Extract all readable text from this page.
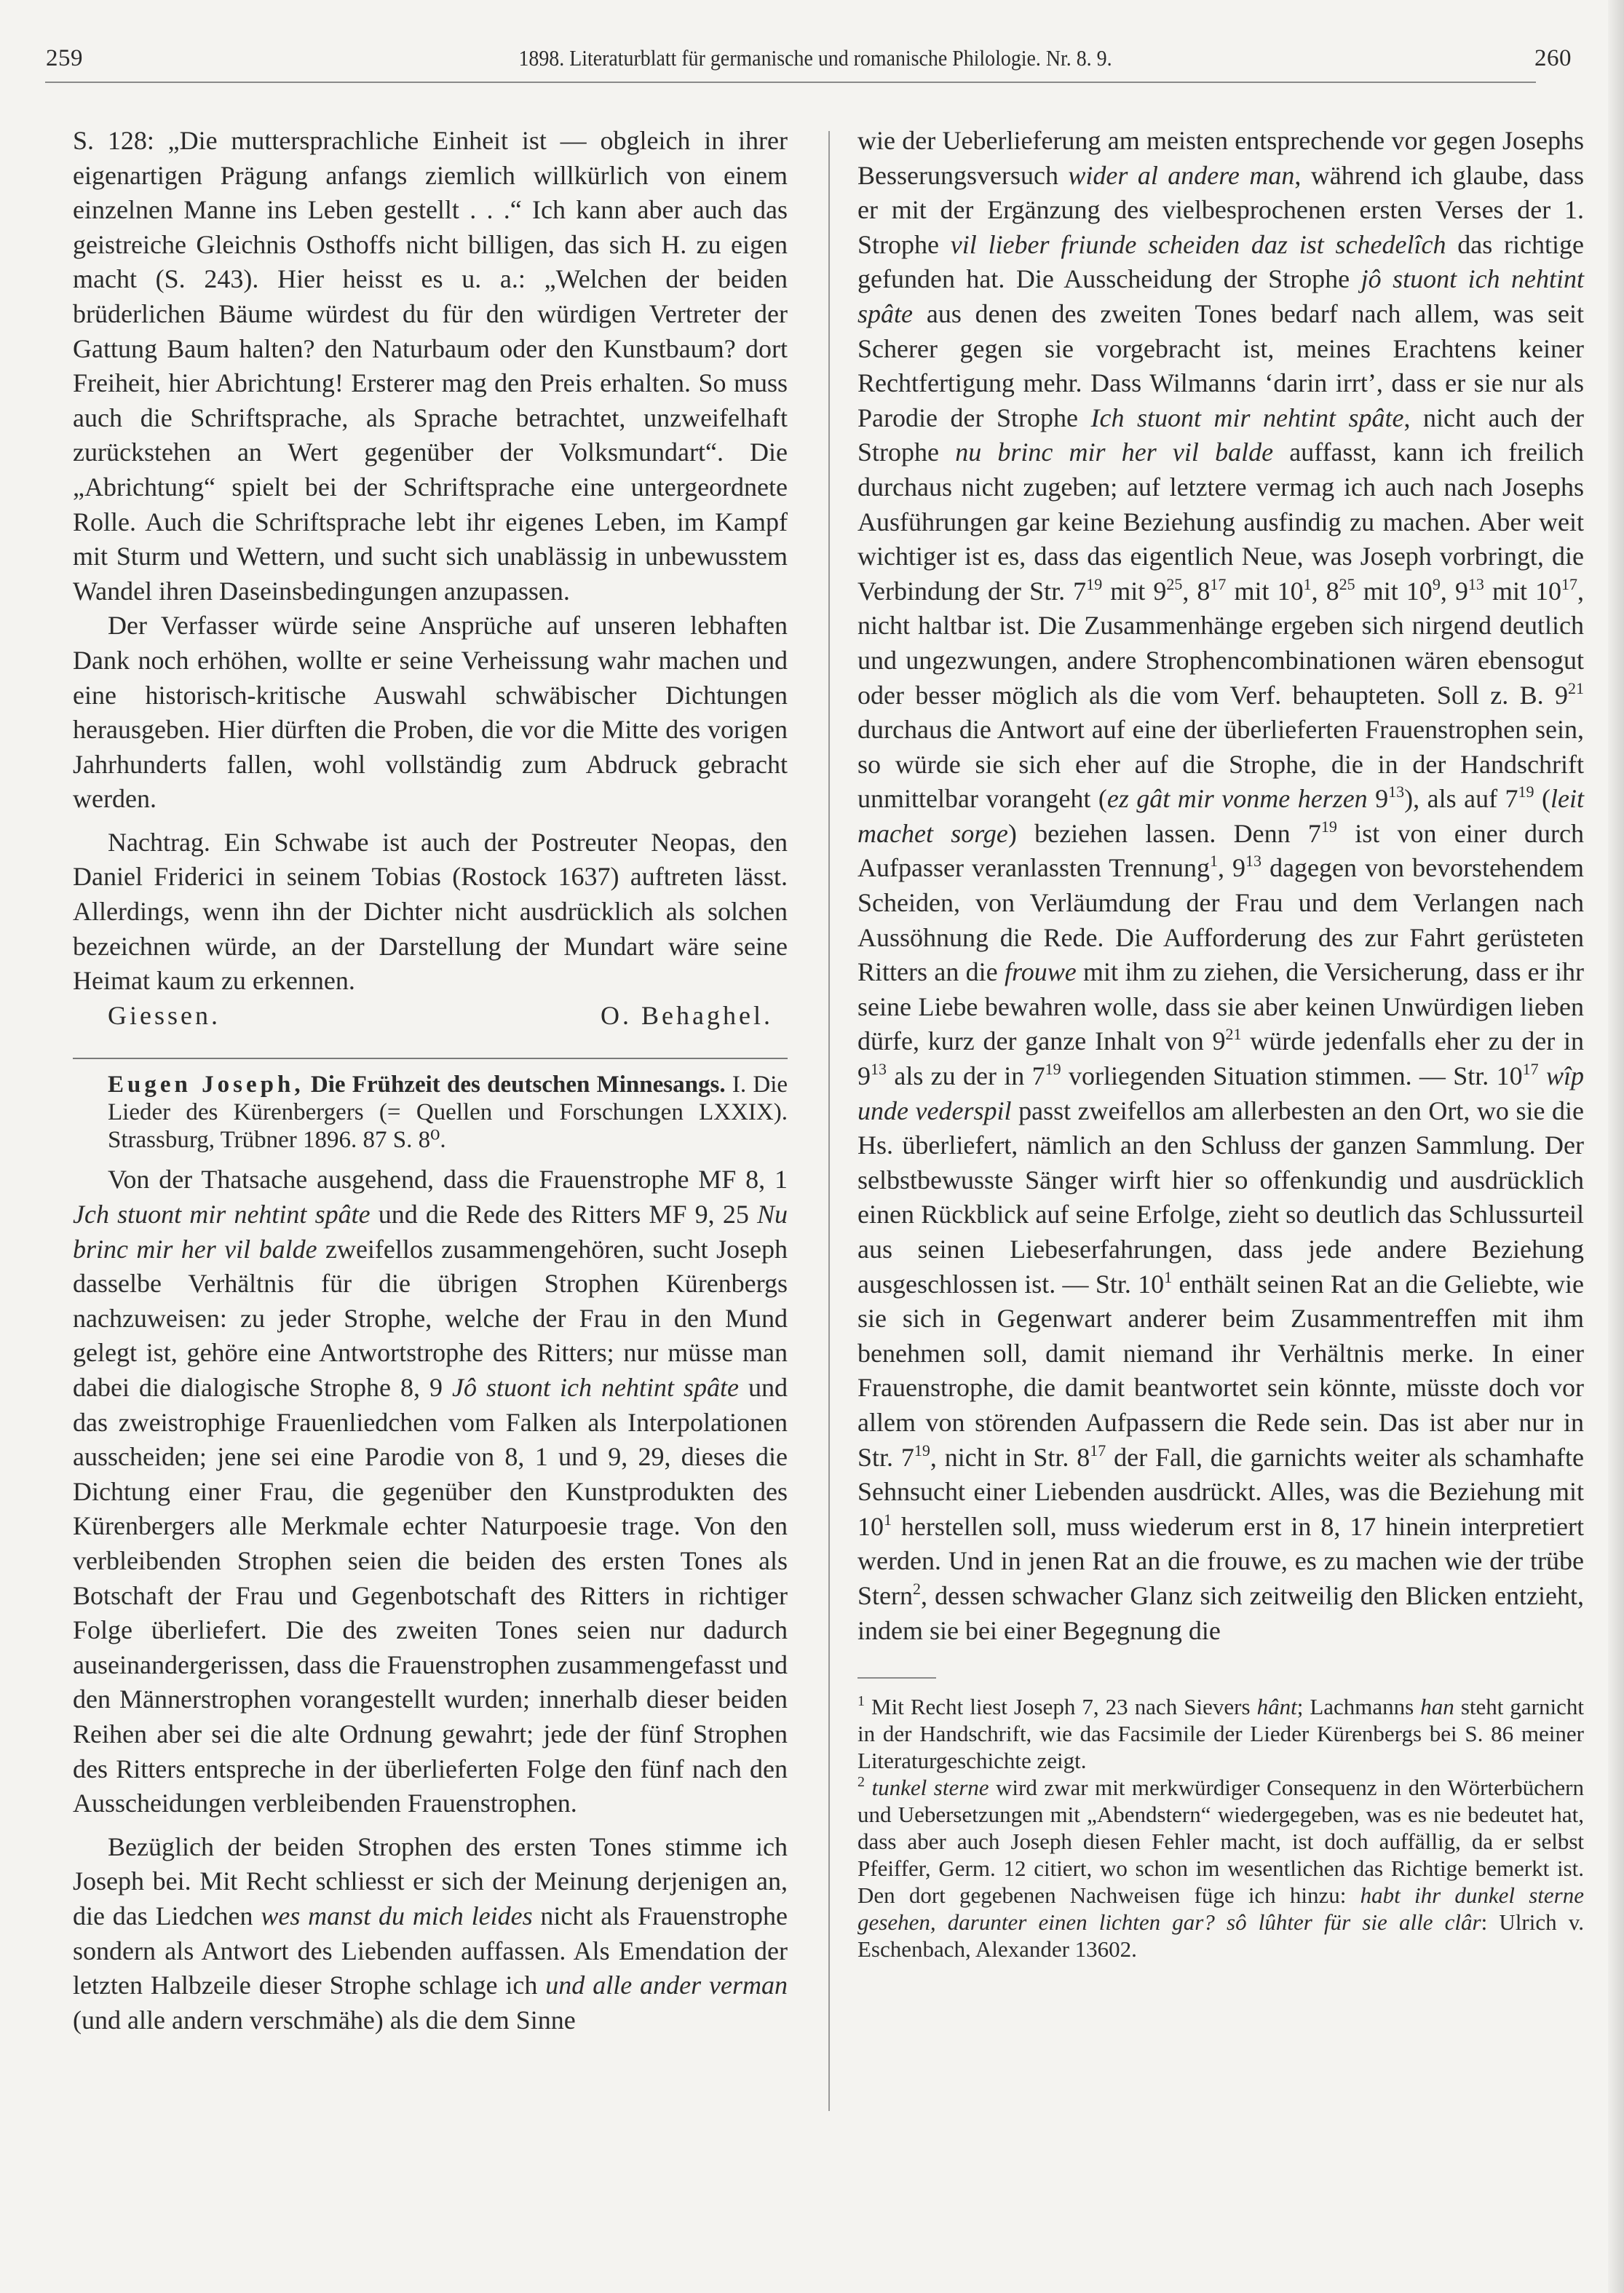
259	1898. Literaturblatt für germanische und romanische Philologie. Nr. 8. 9.	260

S. 128: „Die muttersprachliche Einheit ist — obgleich in ihrer eigenartigen Prägung anfangs ziemlich willkürlich von einem einzelnen Manne ins Leben gestellt . . .“ Ich kann aber auch das geistreiche Gleichnis Osthoffs nicht billigen, das sich H. zu eigen macht (S. 243). Hier heisst es u. a.: „Welchen der beiden brüderlichen Bäume würdest du für den würdigen Vertreter der Gattung Baum halten? den Naturbaum oder den Kunstbaum? dort Freiheit, hier Abrichtung! Ersterer mag den Preis erhalten. So muss auch die Schriftsprache, als Sprache betrachtet, unzweifelhaft zurückstehen an Wert gegenüber der Volksmundart“. Die „Abrichtung“ spielt bei der Schriftsprache eine untergeordnete Rolle. Auch die Schriftsprache lebt ihr eigenes Leben, im Kampf mit Sturm und Wettern, und sucht sich unablässig in unbewusstem Wandel ihren Daseinsbedingungen anzupassen.

Der Verfasser würde seine Ansprüche auf unseren lebhaften Dank noch erhöhen, wollte er seine Verheissung wahr machen und eine historisch-kritische Auswahl schwäbischer Dichtungen herausgeben. Hier dürften die Proben, die vor die Mitte des vorigen Jahrhunderts fallen, wohl vollständig zum Abdruck gebracht werden.

Nachtrag. Ein Schwabe ist auch der Postreuter Neopas, den Daniel Friderici in seinem Tobias (Rostock 1637) auftreten lässt. Allerdings, wenn ihn der Dichter nicht ausdrücklich als solchen bezeichnen würde, an der Darstellung der Mundart wäre seine Heimat kaum zu erkennen.

Giessen.	O. Behaghel.

Eugen Joseph, Die Frühzeit des deutschen Minnesangs. I. Die Lieder des Kürenbergers (= Quellen und Forschungen LXXIX). Strassburg, Trübner 1896. 87 S. 8⁰.

Von der Thatsache ausgehend, dass die Frauenstrophe MF 8, 1 Jch stuont mir nehtint spâte und die Rede des Ritters MF 9, 25 Nu brinc mir her vil balde zweifellos zusammengehören, sucht Joseph dasselbe Verhältnis für die übrigen Strophen Kürenbergs nachzuweisen: zu jeder Strophe, welche der Frau in den Mund gelegt ist, gehöre eine Antwortstrophe des Ritters; nur müsse man dabei die dialogische Strophe 8, 9 Jô stuont ich nehtint spâte und das zweistrophige Frauenliedchen vom Falken als Interpolationen ausscheiden; jene sei eine Parodie von 8, 1 und 9, 29, dieses die Dichtung einer Frau, die gegenüber den Kunstprodukten des Kürenbergers alle Merkmale echter Naturpoesie trage. Von den verbleibenden Strophen seien die beiden des ersten Tones als Botschaft der Frau und Gegenbotschaft des Ritters in richtiger Folge überliefert. Die des zweiten Tones seien nur dadurch auseinandergerissen, dass die Frauenstrophen zusammengefasst und den Männerstrophen vorangestellt wurden; innerhalb dieser beiden Reihen aber sei die alte Ordnung gewahrt; jede der fünf Strophen des Ritters entspreche in der überlieferten Folge den fünf nach den Ausscheidungen verbleibenden Frauenstrophen.

Bezüglich der beiden Strophen des ersten Tones stimme ich Joseph bei. Mit Recht schliesst er sich der Meinung derjenigen an, die das Liedchen wes manst du mich leides nicht als Frauenstrophe sondern als Antwort des Liebenden auffassen. Als Emendation der letzten Halbzeile dieser Strophe schlage ich und alle ander verman (und alle andern verschmähe) als die dem Sinne

wie der Ueberlieferung am meisten entsprechende vor gegen Josephs Besserungsversuch wider al andere man, während ich glaube, dass er mit der Ergänzung des vielbesprochenen ersten Verses der 1. Strophe vil lieber friunde scheiden daz ist schedelîch das richtige gefunden hat. Die Ausscheidung der Strophe jô stuont ich nehtint spâte aus denen des zweiten Tones bedarf nach allem, was seit Scherer gegen sie vorgebracht ist, meines Erachtens keiner Rechtfertigung mehr. Dass Wilmanns ‘darin irrt’, dass er sie nur als Parodie der Strophe Ich stuont mir nehtint spâte, nicht auch der Strophe nu brinc mir her vil balde auffasst, kann ich freilich durchaus nicht zugeben; auf letztere vermag ich auch nach Josephs Ausführungen gar keine Beziehung ausfindig zu machen. Aber weit wichtiger ist es, dass das eigentlich Neue, was Joseph vorbringt, die Verbindung der Str. $7^{19}$ mit $9^{25}$, $8^{17}$ mit $10^1$, $8^{25}$ mit $10^9$, $9^{13}$ mit $10^{17}$, nicht haltbar ist. Die Zusammenhänge ergeben sich nirgend deutlich und ungezwungen, andere Strophencombinationen wären ebensogut oder besser möglich als die vom Verf. behaupteten. Soll z. B. $9^{21}$ durchaus die Antwort auf eine der überlieferten Frauenstrophen sein, so würde sie sich eher auf die Strophe, die in der Handschrift unmittelbar vorangeht (ez gât mir vonme herzen $9^{13}$), als auf $7^{19}$ (leit machet sorge) beziehen lassen. Denn $7^{19}$ ist von einer durch Aufpasser veranlassten Trennung$^1$, $9^{13}$ dagegen von bevorstehendem Scheiden, von Verläumdung der Frau und dem Verlangen nach Aussöhnung die Rede. Die Aufforderung des zur Fahrt gerüsteten Ritters an die frouwe mit ihm zu ziehen, die Versicherung, dass er ihr seine Liebe bewahren wolle, dass sie aber keinen Unwürdigen lieben dürfe, kurz der ganze Inhalt von $9^{21}$ würde jedenfalls eher zu der in $9^{13}$ als zu der in $7^{19}$ vorliegenden Situation stimmen. — Str. $10^{17}$ wîp unde vederspil passt zweifellos am allerbesten an den Ort, wo sie die Hs. überliefert, nämlich an den Schluss der ganzen Sammlung. Der selbstbewusste Sänger wirft hier so offenkundig und ausdrücklich einen Rückblick auf seine Erfolge, zieht so deutlich das Schlussurteil aus seinen Liebeserfahrungen, dass jede andere Beziehung ausgeschlossen ist. — Str. $10^1$ enthält seinen Rat an die Geliebte, wie sie sich in Gegenwart anderer beim Zusammentreffen mit ihm benehmen soll, damit niemand ihr Verhältnis merke. In einer Frauenstrophe, die damit beantwortet sein könnte, müsste doch vor allem von störenden Aufpassern die Rede sein. Das ist aber nur in Str. $7^{19}$, nicht in Str. $8^{17}$ der Fall, die garnichts weiter als schamhafte Sehnsucht einer Liebenden ausdrückt. Alles, was die Beziehung mit $10^1$ herstellen soll, muss wiederum erst in 8, 17 hinein interpretiert werden. Und in jenen Rat an die frouwe, es zu machen wie der trübe Stern$^2$, dessen schwacher Glanz sich zeitweilig den Blicken entzieht, indem sie bei einer Begegnung die

$^1$ Mit Recht liest Joseph 7, 23 nach Sievers hânt; Lachmanns han steht garnicht in der Handschrift, wie das Facsimile der Lieder Kürenbergs bei S. 86 meiner Literaturgeschichte zeigt.

$^2$ tunkel sterne wird zwar mit merkwürdiger Consequenz in den Wörterbüchern und Uebersetzungen mit „Abendstern“ wiedergegeben, was es nie bedeutet hat, dass aber auch Joseph diesen Fehler macht, ist doch auffällig, da er selbst Pfeiffer, Germ. 12 citiert, wo schon im wesentlichen das Richtige bemerkt ist. Den dort gegebenen Nachweisen füge ich hinzu: habt ihr dunkel sterne gesehen, darunter einen lichten gar? sô lûhter für sie alle clâr: Ulrich v. Eschenbach, Alexander 13602.
